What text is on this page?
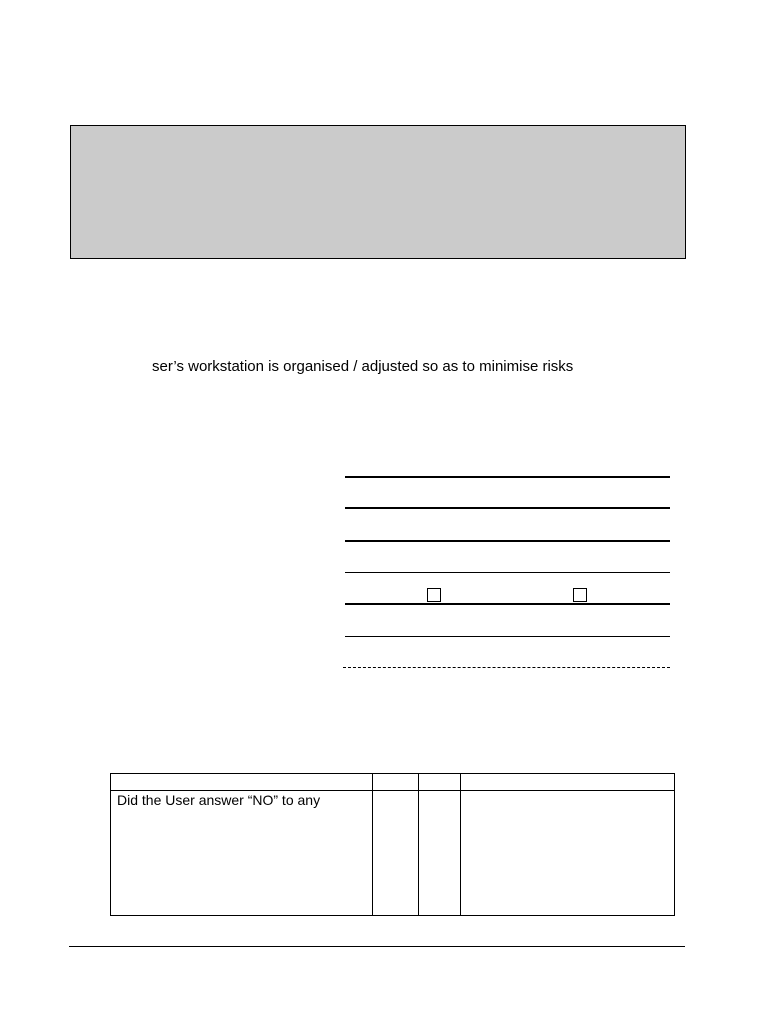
ser’s workstation is organised / adjusted so as to minimise risks

Did the User answer “NO” to any			
